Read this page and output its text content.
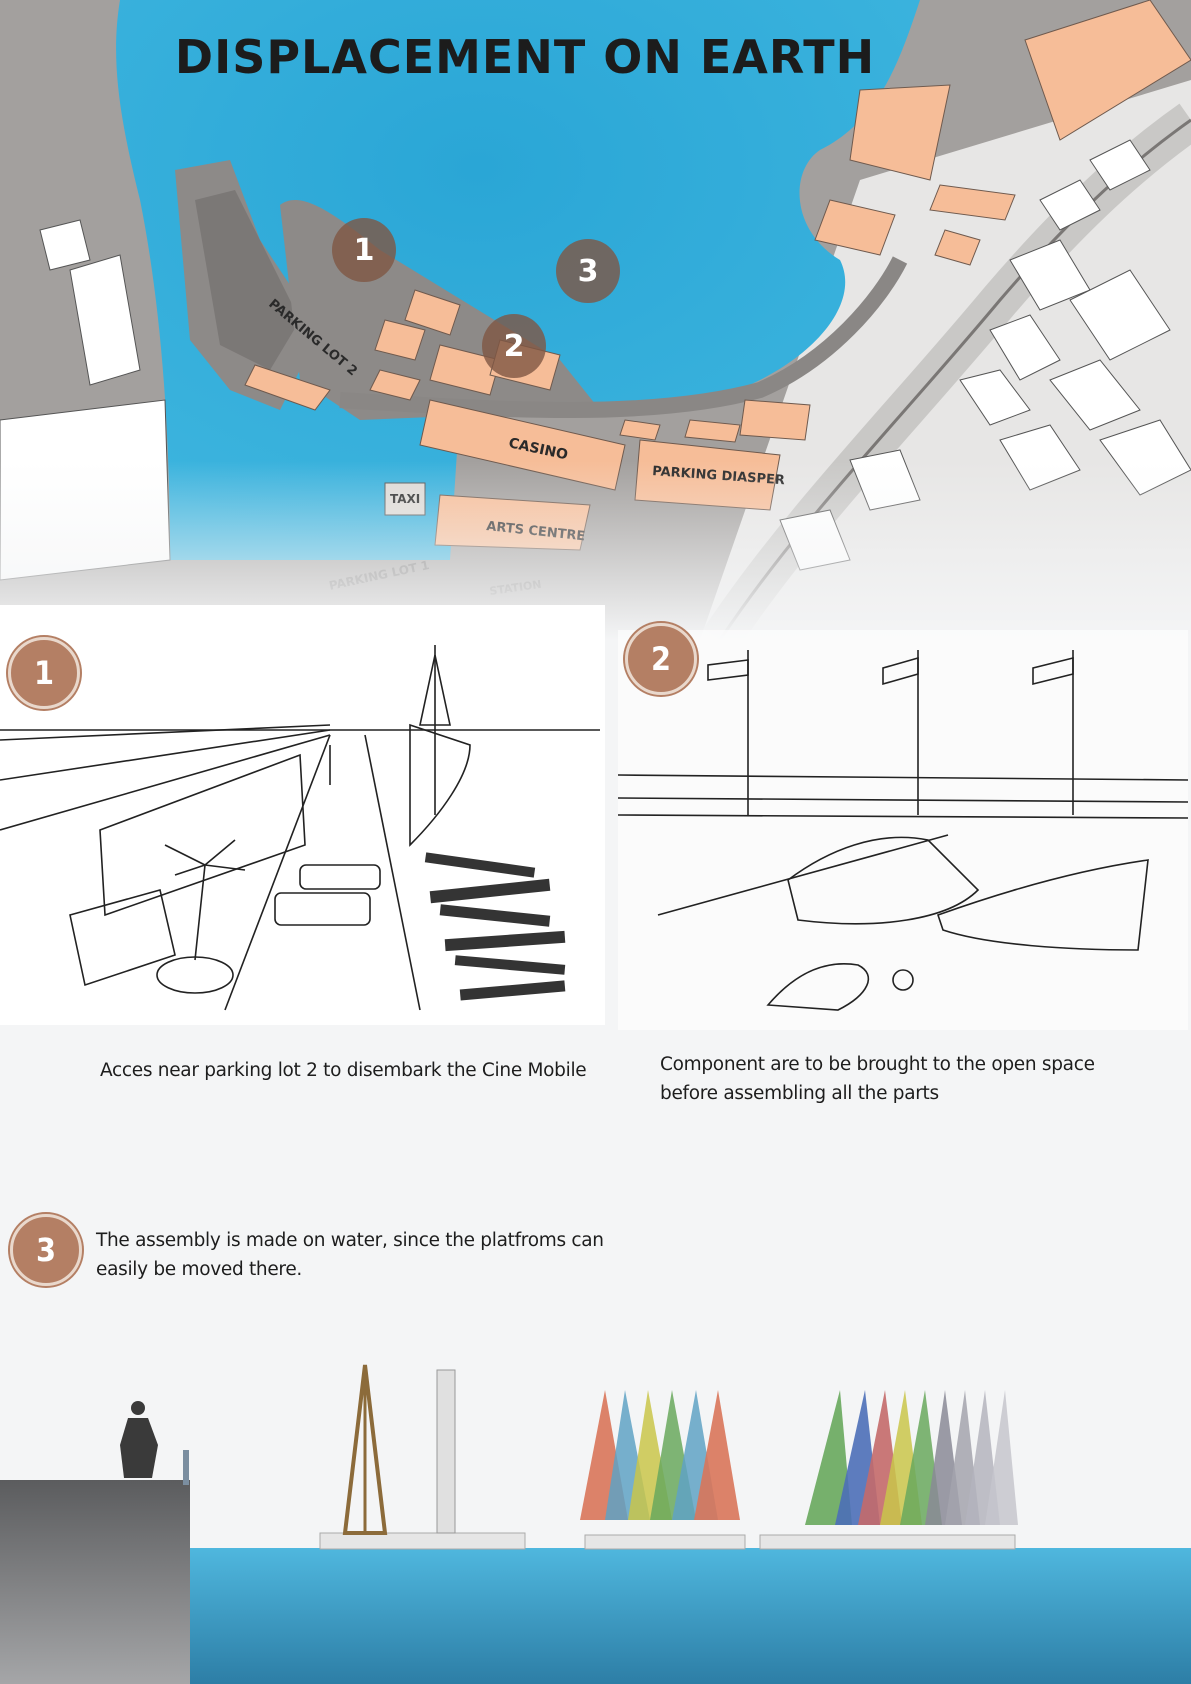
DISPLACEMENT ON EARTH
1
2
3
1	2
3
Acces near parking lot 2 to disembark the Cine Mobile	Component are to be brought to the open space before assembling all the parts
The assembly is made on water, since the platfroms can easily be moved there.
